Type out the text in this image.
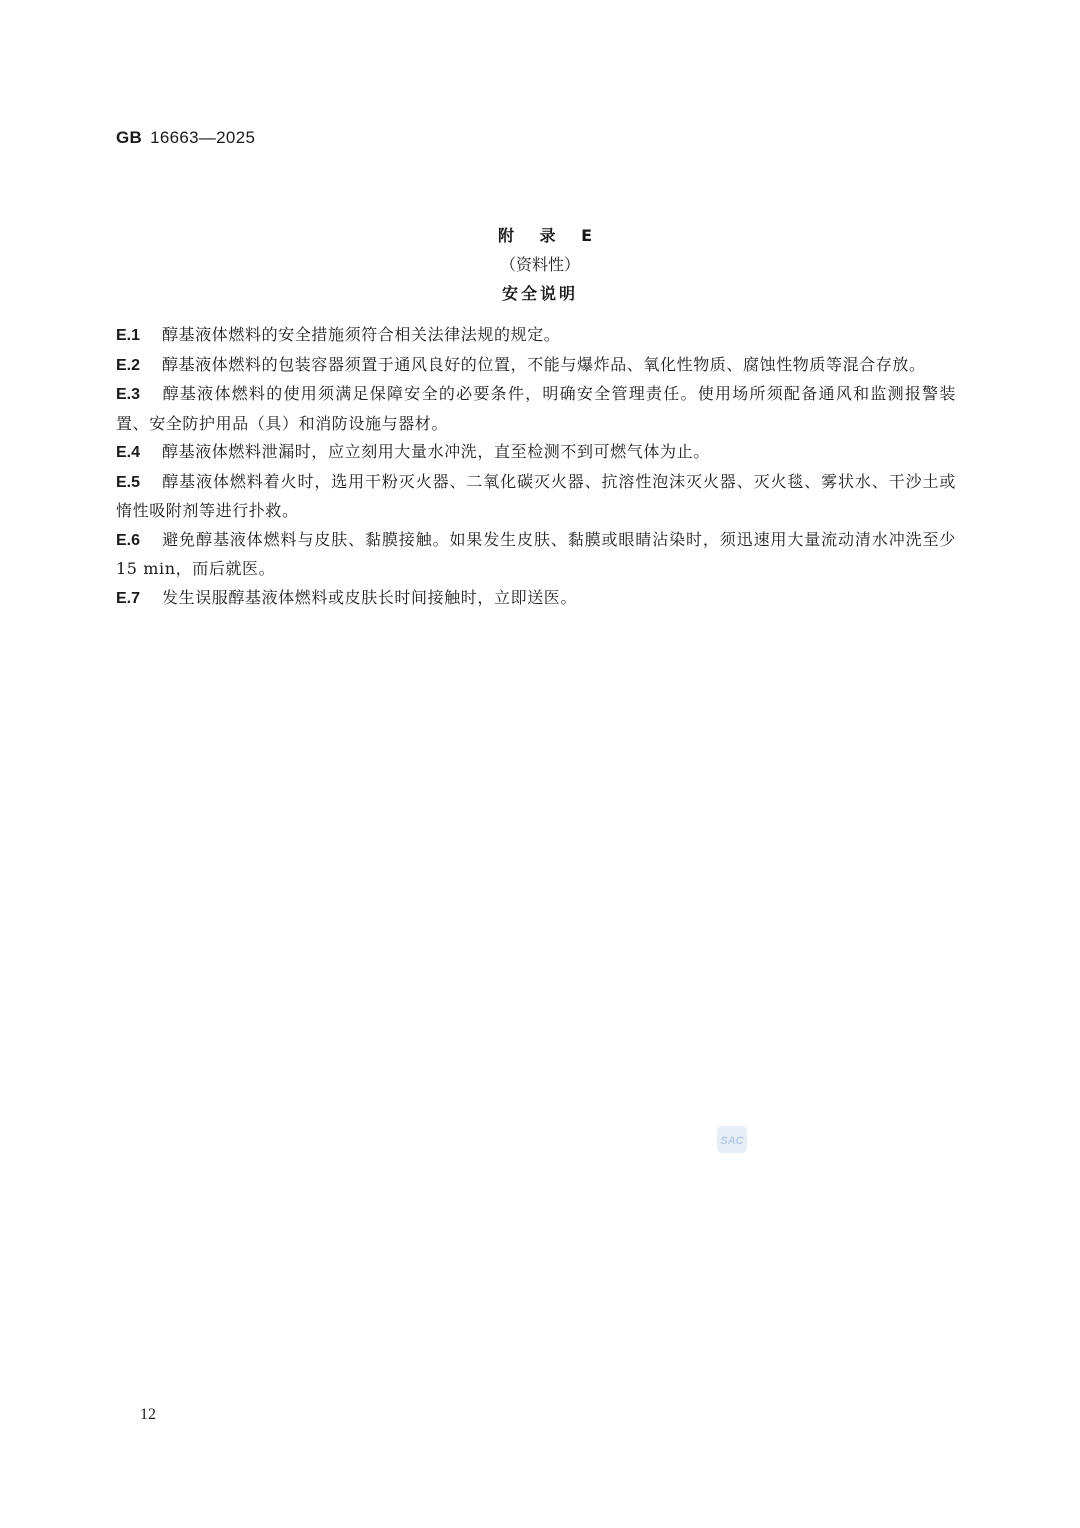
GB 16663—2025
附 录 E
（资料性）
安全说明

E.1 醇基液体燃料的安全措施须符合相关法律法规的规定。

E.2 醇基液体燃料的包装容器须置于通风良好的位置，不能与爆炸品、氧化性物质、腐蚀性物质等混合存放。

E.3 醇基液体燃料的使用须满足保障安全的必要条件，明确安全管理责任。使用场所须配备通风和监测报警装置、安全防护用品（具）和消防设施与器材。

E.4 醇基液体燃料泄漏时，应立刻用大量水冲洗，直至检测不到可燃气体为止。

E.5 醇基液体燃料着火时，选用干粉灭火器、二氧化碳灭火器、抗溶性泡沫灭火器、灭火毯、雾状水、干沙土或惰性吸附剂等进行扑救。

E.6 避免醇基液体燃料与皮肤、黏膜接触。如果发生皮肤、黏膜或眼睛沾染时，须迅速用大量流动清水冲洗至少 15 min，而后就医。

E.7 发生误服醇基液体燃料或皮肤长时间接触时，立即送医。

SAC
12
